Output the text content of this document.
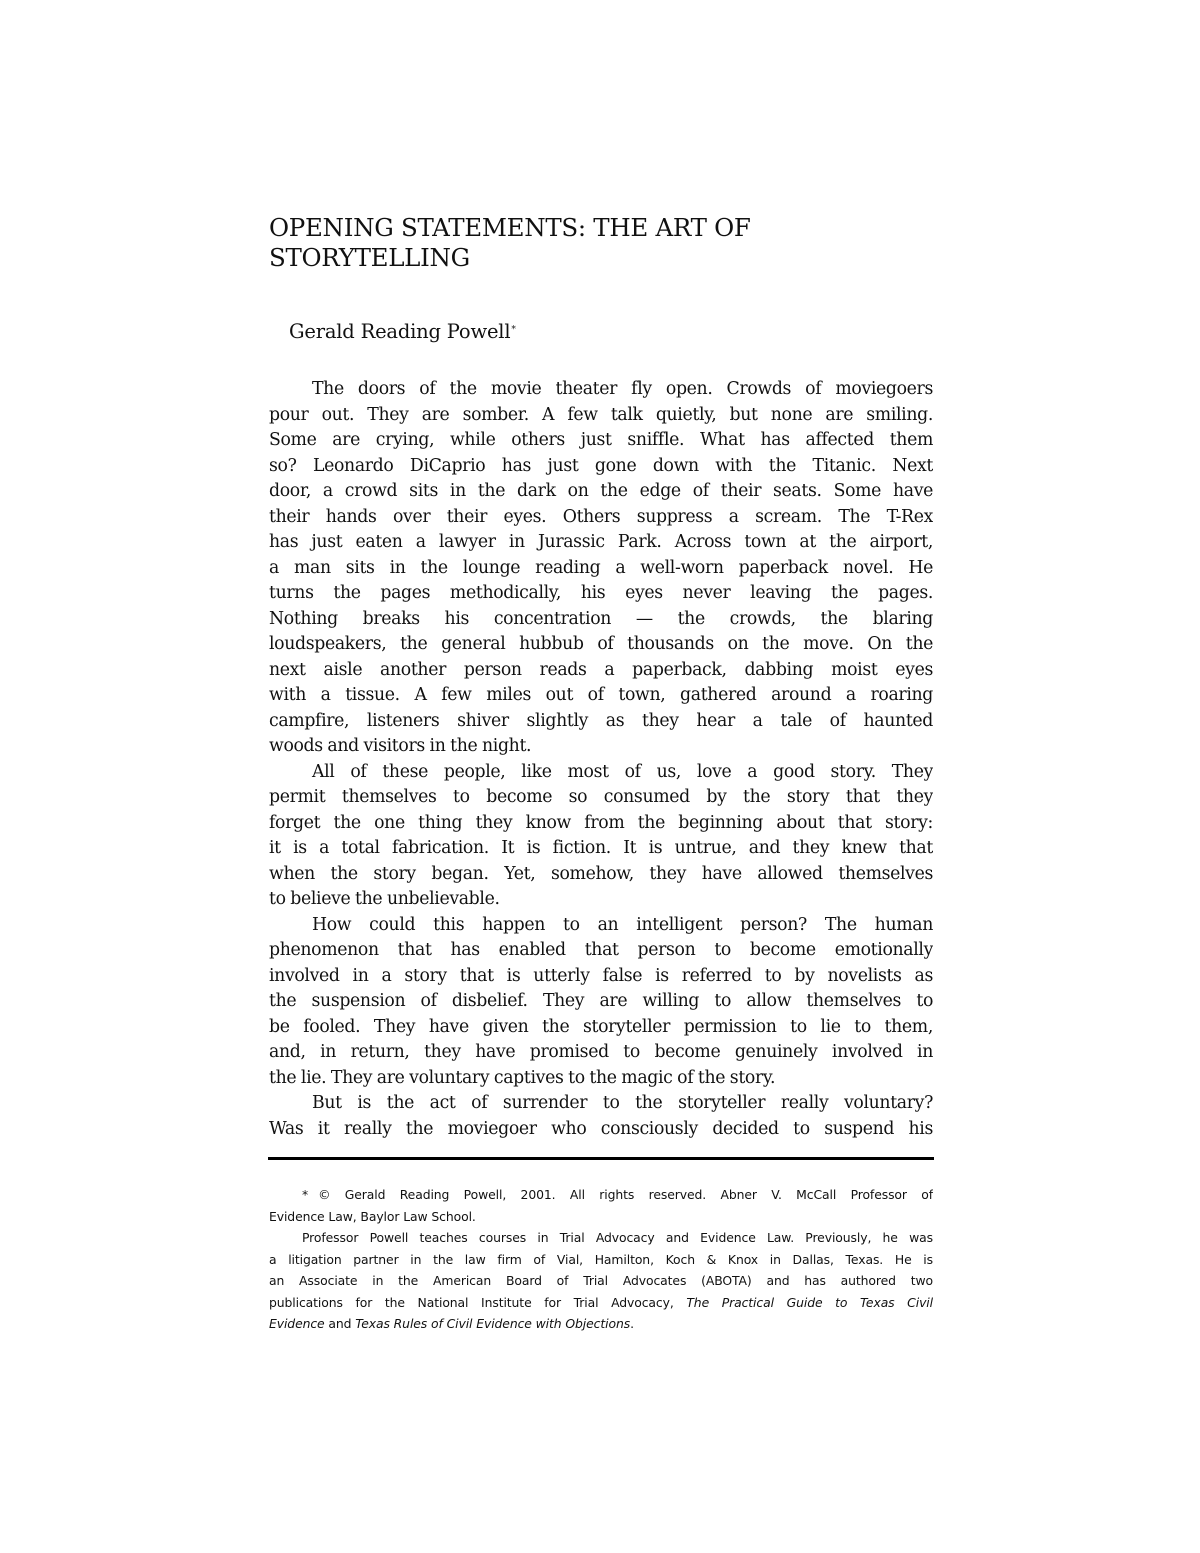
OPENING STATEMENTS: THE ART OF
STORYTELLING

Gerald Reading Powell*

The doors of the movie theater fly open. Crowds of moviegoers
pour out. They are somber. A few talk quietly, but none are smiling.
Some are crying, while others just sniffle. What has affected them
so? Leonardo DiCaprio has just gone down with the Titanic. Next
door, a crowd sits in the dark on the edge of their seats. Some have
their hands over their eyes. Others suppress a scream. The T-Rex
has just eaten a lawyer in Jurassic Park. Across town at the airport,
a man sits in the lounge reading a well-worn paperback novel. He
turns the pages methodically, his eyes never leaving the pages.
Nothing breaks his concentration — the crowds, the blaring
loudspeakers, the general hubbub of thousands on the move. On the
next aisle another person reads a paperback, dabbing moist eyes
with a tissue. A few miles out of town, gathered around a roaring
campfire, listeners shiver slightly as they hear a tale of haunted
woods and visitors in the night.
All of these people, like most of us, love a good story. They
permit themselves to become so consumed by the story that they
forget the one thing they know from the beginning about that story:
it is a total fabrication. It is fiction. It is untrue, and they knew that
when the story began. Yet, somehow, they have allowed themselves
to believe the unbelievable.
How could this happen to an intelligent person? The human
phenomenon that has enabled that person to become emotionally
involved in a story that is utterly false is referred to by novelists as
the suspension of disbelief. They are willing to allow themselves to
be fooled. They have given the storyteller permission to lie to them,
and, in return, they have promised to become genuinely involved in
the lie. They are voluntary captives to the magic of the story.
But is the act of surrender to the storyteller really voluntary?
Was it really the moviegoer who consciously decided to suspend his
* © Gerald Reading Powell, 2001. All rights reserved. Abner V. McCall Professor of
Evidence Law, Baylor Law School.
Professor Powell teaches courses in Trial Advocacy and Evidence Law. Previously, he was
a litigation partner in the law firm of Vial, Hamilton, Koch & Knox in Dallas, Texas. He is
an Associate in the American Board of Trial Advocates (ABOTA) and has authored two
publications for the National Institute for Trial Advocacy, The Practical Guide to Texas Civil
Evidence and Texas Rules of Civil Evidence with Objections.
